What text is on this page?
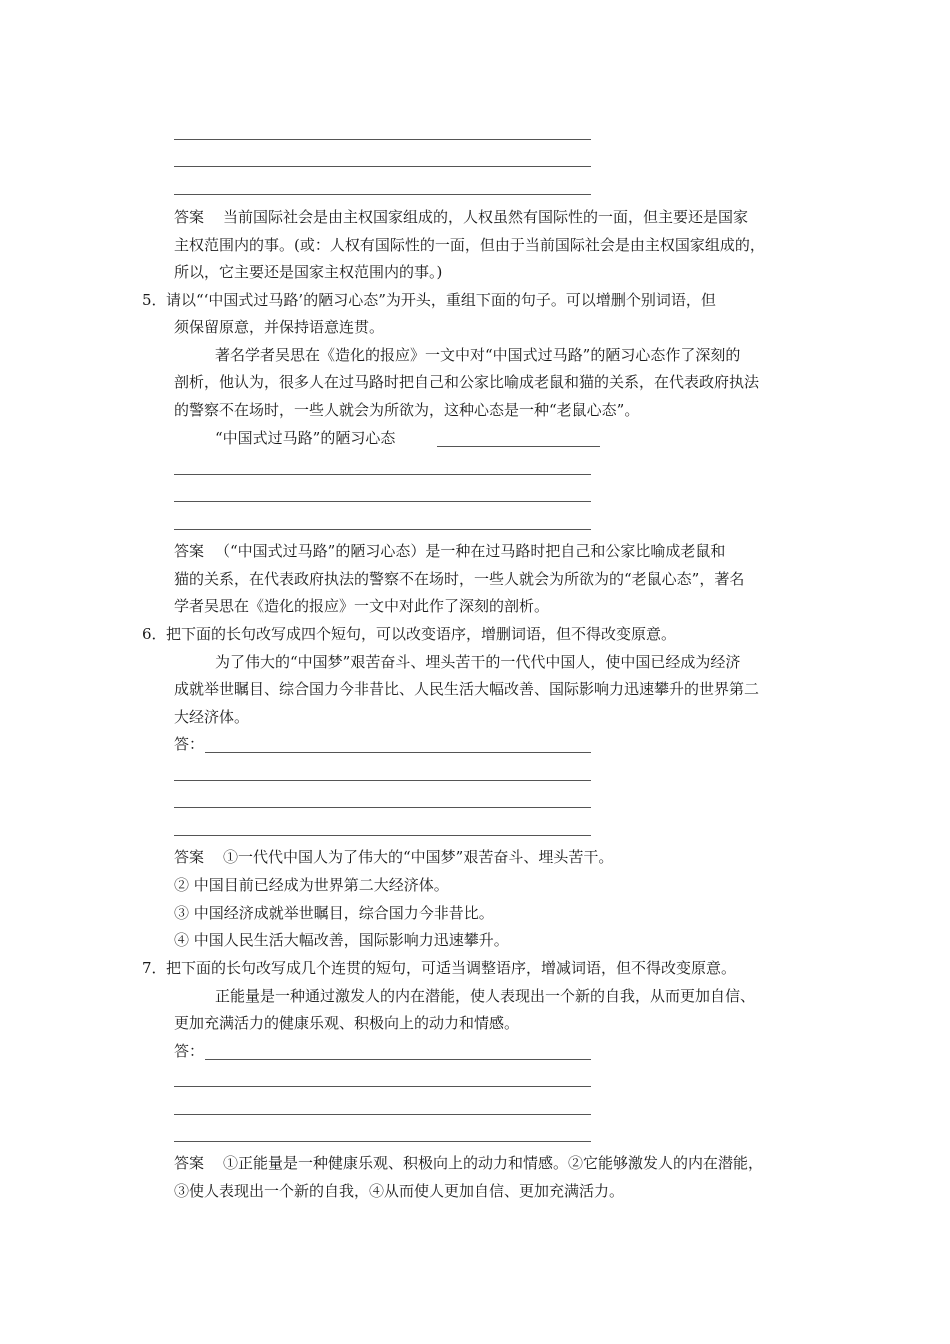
答案 当前国际社会是由主权国家组成的，人权虽然有国际性的一面，但主要还是国家
主权范围内的事。(或：人权有国际性的一面，但由于当前国际社会是由主权国家组成的，
所以，它主要还是国家主权范围内的事。)
5． 请以“‘中国式过马路’的陋习心态”为开头，重组下面的句子。可以增删个别词语，但
须保留原意，并保持语意连贯。
著名学者吴思在《造化的报应》一文中对“中国式过马路”的陋习心态作了深刻的
剖析，他认为，很多人在过马路时把自己和公家比喻成老鼠和猫的关系，在代表政府执法
的警察不在场时，一些人就会为所欲为，这种心态是一种“老鼠心态”。
“中国式过马路”的陋习心态
答案 （“中国式过马路”的陋习心态）是一种在过马路时把自己和公家比喻成老鼠和
猫的关系，在代表政府执法的警察不在场时，一些人就会为所欲为的“老鼠心态”，著名
学者吴思在《造化的报应》一文中对此作了深刻的剖析。
6． 把下面的长句改写成四个短句，可以改变语序，增删词语，但不得改变原意。
为了伟大的“中国梦”艰苦奋斗、埋头苦干的一代代中国人，使中国已经成为经济
成就举世瞩目、综合国力今非昔比、人民生活大幅改善、国际影响力迅速攀升的世界第二
大经济体。
答：
答案 ①一代代中国人为了伟大的“中国梦”艰苦奋斗、埋头苦干。
② 中国目前已经成为世界第二大经济体。
③ 中国经济成就举世瞩目，综合国力今非昔比。
④ 中国人民生活大幅改善，国际影响力迅速攀升。
7． 把下面的长句改写成几个连贯的短句，可适当调整语序，增减词语，但不得改变原意。
正能量是一种通过激发人的内在潜能，使人表现出一个新的自我，从而更加自信、
更加充满活力的健康乐观、积极向上的动力和情感。
答：
答案 ①正能量是一种健康乐观、积极向上的动力和情感。②它能够激发人的内在潜能，
③使人表现出一个新的自我，④从而使人更加自信、更加充满活力。
